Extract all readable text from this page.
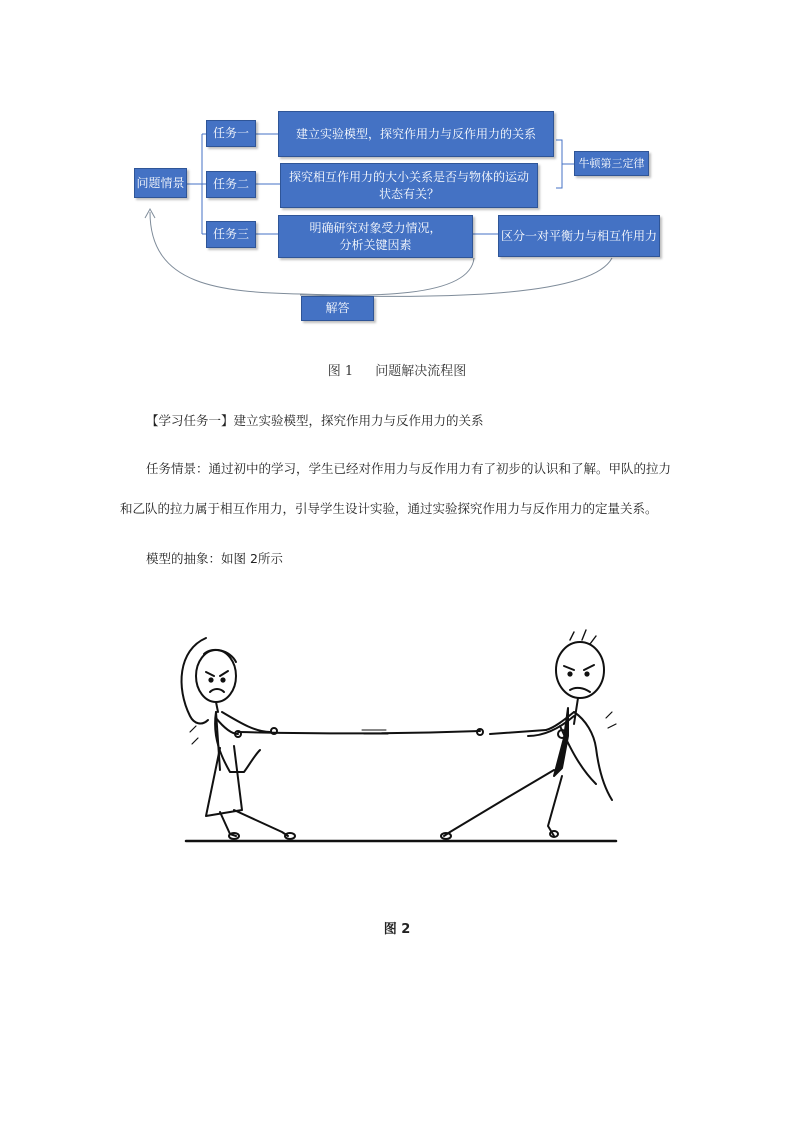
问题情景
任务一
任务二
任务三
建立实验模型，探究作用力与反作用力的关系
探究相互作用力的大小关系是否与物体的运动状态有关？
明确研究对象受力情况，
分析关键因素
牛顿第三定律
区分一对平衡力与相互作用力
解答
图 1 问题解决流程图
【学习任务一】建立实验模型，探究作用力与反作用力的关系
任务情景：通过初中的学习，学生已经对作用力与反作用力有了初步的认识和了解。甲队的拉力
和乙队的拉力属于相互作用力，引导学生设计实验，通过实验探究作用力与反作用力的定量关系。
模型的抽象：如图 2所示
图 2
